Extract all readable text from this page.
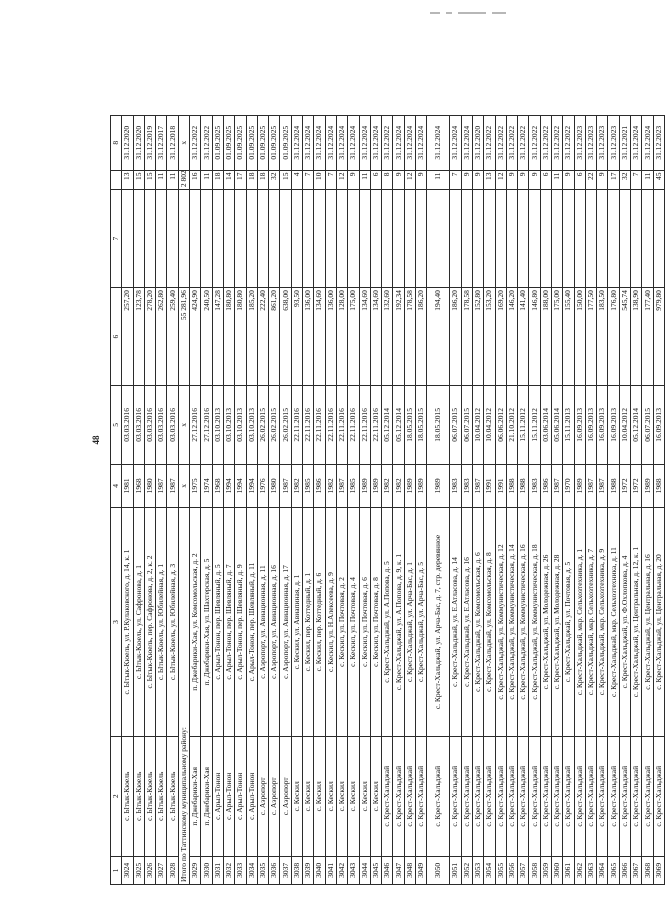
48
1	2	3	4	5	6	7		8
3024	с. Ытык-Кюель	с. Ытык-Кюель, ул. Р.Кулаковского, д. 14, к. 1	1981	03.03.2016	257,20		13	31.12.2020
3025	с. Ытык-Кюель	с. Ытык-Кюель, ул. Сафронова, д. 1	1968	03.03.2016	123,78		15	31.12.2020
3026	с. Ытык-Кюель	с. Ытык-Кюель, пер. Сафронова, д. 2, к. 2	1980	03.03.2016	278,20		15	31.12.2019
3027	с. Ытык-Кюель	с. Ытык-Кюель, ул. Юбилейная, д. 1	1987	03.03.2016	262,80		11	31.12.2017
3028	с. Ытык-Кюель	с. Ытык-Кюель, ул. Юбилейная, д. 3	1987	03.03.2016	259,40		11	31.12.2018
Итого по Таттинскому муниципальному району:			x	x	55 281,96		2 802	x
3029	п. Джебарики-Хая	п. Джебарики-Хая, ул. Комсомольская, д. 2	1975	27.12.2016	424,90		16	31.12.2022
3030	п. Джебарики-Хая	п. Джебарики-Хая, ул. Шахтерская, д. 5	1974	27.12.2016	240,50		11	31.12.2022
3031	с. Арыл-Тонон	с. Арыл-Тонон, пер. Шевляный, д. 5	1968	03.10.2013	147,28		18	01.09.2025
3032	с. Арыл-Тонон	с. Арыл-Тонон, пер. Шевляный, д. 7	1994	03.10.2013	180,80		14	01.09.2025
3033	с. Арыл-Тонон	с. Арыл-Тонон, пер. Шевляный, д. 9	1994	03.10.2013	180,80		17	01.09.2025
3034	с. Арыл-Тонон	с. Арыл-Тонон, пер. Шевляный, д. 11	1994	03.10.2013	185,20		18	01.09.2025
3035	с. Аэропорт	с. Аэропорт, ул. Авиационная, д. 11	1976	26.02.2015	222,40		18	01.09.2025
3036	с. Аэропорт	с. Аэропорт, ул. Авиационная, д. 16	1980	26.02.2015	861,20		32	01.09.2025
3037	с. Аэропорт	с. Аэропорт, ул. Авиационная, д. 17	1987	26.02.2015	638,00		15	01.09.2025
3038	с. Кескил	с. Кескил, ул. Авиапиная, д. 1	1982	22.11.2016	93,50		4	31.12.2024
3039	с. Кескил	с. Кескил, пер. Коттедный, д. 1	1985	22.11.2016	136,00		7	31.12.2024
3040	с. Кескил	с. Кескил, пер. Коттедный, д. 6	1986	22.11.2016	134,60		10	31.12.2024
3041	с. Кескил	с. Кескил, ул. Н.Алексеева, д. 9	1982	22.11.2016	136,00		7	31.12.2024
3042	с. Кескил	с. Кескил, ул. Почтовая, д. 2	1987	22.11.2016	128,00		12	31.12.2024
3043	с. Кескил	с. Кескил, ул. Почтовая, д. 4	1985	22.11.2016	175,00		9	31.12.2024
3044	с. Кескил	с. Кескил, ул. Почтовая, д. 6	1989	22.11.2016	134,60		11	31.12.2024
3045	с. Кескил	с. Кескил, ул. Почтовая, д. 8	1989	22.11.2016	134,60		6	31.12.2024
3046	с. Крест-Хальджай	с. Крест-Хальджай, ул. А.Попова, д. 5	1982	05.12.2014	132,60		8	31.12.2022
3047	с. Крест-Хальджай	с. Крест-Хальджай, ул. А.Попова, д. 9, к. 1	1982	05.12.2014	192,34		9	31.12.2024
3048	с. Крест-Хальджай	с. Крест-Хальджай, ул. Арча-Бас, д. 1	1989	18.05.2015	178,58		12	31.12.2024
3049	с. Крест-Хальджай	с. Крест-Хальджай, ул. Арча-Бас, д. 5	1989	18.05.2015	186,20		9	31.12.2024
3050	с. Крест-Хальджай	с. Крест-Хальджай, ул. Арча-Бас, д. 7, стр. деревянное	1989	18.05.2015	194,40		11	31.12.2024
3051	с. Крест-Хальджай	с. Крест-Хальджай, ул. Е.Атласова, д. 14	1983	06.07.2015	186,20		7	31.12.2024
3052	с. Крест-Хальджай	с. Крест-Хальджай, ул. Е.Атласова, д. 16	1983	06.07.2015	178,58		9	31.12.2024
3053	с. Крест-Хальджай	с. Крест-Хальджай, ул. Комсомольская, д. 6	1987	10.04.2012	152,80		9	31.12.2020
3054	с. Крест-Хальджай	с. Крест-Хальджай, ул. Комсомольская, д. 8	1991	10.04.2012	153,20		13	31.12.2022
3055	с. Крест-Хальджай	с. Крест-Хальджай, ул. Коммунистическая, д. 12	1991	06.06.2012	169,20		12	31.12.2022
3056	с. Крест-Хальджай	с. Крест-Хальджай, ул. Коммунистическая, д. 14	1988	21.10.2012	146,20		9	31.12.2022
3057	с. Крест-Хальджай	с. Крест-Хальджай, ул. Коммунистическая, д. 16	1988	15.11.2012	141,40		9	31.12.2022
3058	с. Крест-Хальджай	с. Крест-Хальджай, ул. Коммунистическая, д. 18	1983	15.11.2012	146,80		9	31.12.2022
3059	с. Крест-Хальджай	с. Крест-Хальджай, ул. Молодежная, д. 26	1986	03.06.2014	188,00		6	31.12.2022
3060	с. Крест-Хальджай	с. Крест-Хальджай, ул. Молодежная, д. 28	1987	05.06.2014	175,00		11	31.12.2022
3061	с. Крест-Хальджай	с. Крест-Хальджай, ул. Почтовая, д. 5	1970	15.11.2013	155,40		9	31.12.2022
3062	с. Крест-Хальджай	с. Крест-Хальджай, мкр. Сельхозтехника, д. 1	1989	16.09.2013	150,00		6	31.12.2023
3063	с. Крест-Хальджай	с. Крест-Хальджай, мкр. Сельхозтехника, д. 7	1987	16.09.2013	177,50		22	31.12.2023
3064	с. Крест-Хальджай	с. Крест-Хальджай, мкр. Сельхозтехника, д. 9	1987	16.09.2013	183,50		9	31.12.2023
3065	с. Крест-Хальджай	с. Крест-Хальджай, мкр. Сельхозтехника, д. 11	1988	16.09.2013	176,80		17	31.12.2023
3066	с. Крест-Хальджай	с. Крест-Хальджай, ул. Ф.Охлопкова, д. 4	1972	10.04.2012	545,74		32	31.12.2021
3067	с. Крест-Хальджай	с. Крест-Хальджай, ул. Центральная, д. 12, к. 1	1972	05.12.2014	138,90		7	31.12.2024
3068	с. Крест-Хальджай	с. Крест-Хальджай, ул. Центральная, д. 16	1989	06.07.2015	177,40		11	31.12.2024
3069	с. Крест-Хальджай	с. Крест-Хальджай, ул. Центральная, д. 20	1988	16.09.2013	979,80		45	31.12.2023
